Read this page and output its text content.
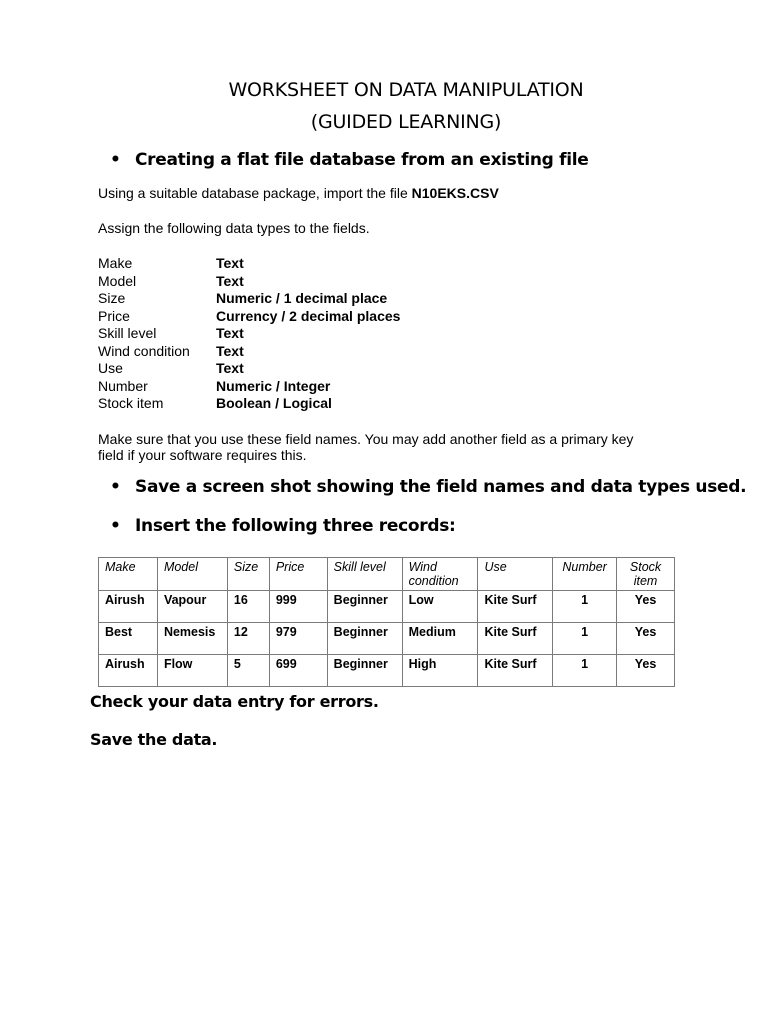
WORKSHEET ON DATA MANIPULATION
(GUIDED LEARNING)
• Creating a flat file database from an existing file
Using a suitable database package, import the file N10EKS.CSV
Assign the following data types to the fields.
Make	Text
Model	Text
Size	Numeric / 1 decimal place
Price	Currency / 2 decimal places
Skill level	Text
Wind condition Text
Use	Text
Number	Numeric / Integer
Stock item	Boolean / Logical
Make sure that you use these field names. You may add another field as a primary key
field if your software requires this.
• Save a screen shot showing the field names and data types used.
• Insert the following three records:
Make	Model	Size	Price	Skill level	Wind condition	Use	Number	Stock item
Airush	Vapour	16	999	Beginner	Low	Kite Surf	1	Yes
Best	Nemesis	12	979	Beginner	Medium	Kite Surf	1	Yes
Airush	Flow	5	699	Beginner	High	Kite Surf	1	Yes
Check your data entry for errors.
Save the data.
